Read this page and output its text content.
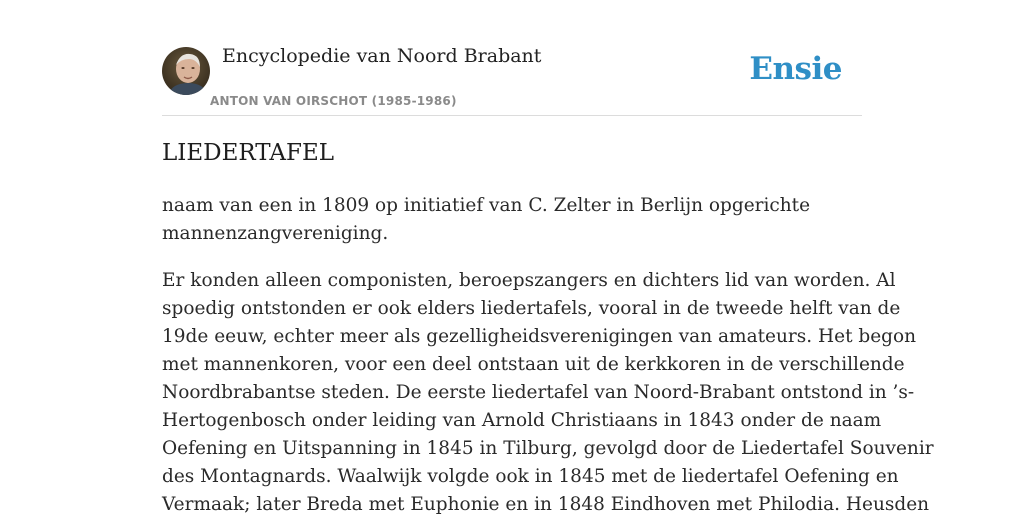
Encyclopedie van Noord Brabant
ANTON VAN OIRSCHOT (1985-1986)
Ensie
LIEDERTAFEL

naam van een in 1809 op initiatief van C. Zelter in Berlijn opgerichte
mannenzangvereniging.

Er konden alleen componisten, beroepszangers en dichters lid van worden. Al
spoedig ontstonden er ook elders liedertafels, vooral in de tweede helft van de
19de eeuw, echter meer als gezelligheidsverenigingen van amateurs. Het begon
met mannenkoren, voor een deel ontstaan uit de kerkkoren in de verschillende
Noordbrabantse steden. De eerste liedertafel van Noord-Brabant ontstond in ’s-
Hertogenbosch onder leiding van Arnold Christiaans in 1843 onder de naam
Oefening en Uitspanning in 1845 in Tilburg, gevolgd door de Liedertafel Souvenir
des Montagnards. Waalwijk volgde ook in 1845 met de liedertafel Oefening en
Vermaak; later Breda met Euphonie en in 1848 Eindhoven met Philodia. Heusden
